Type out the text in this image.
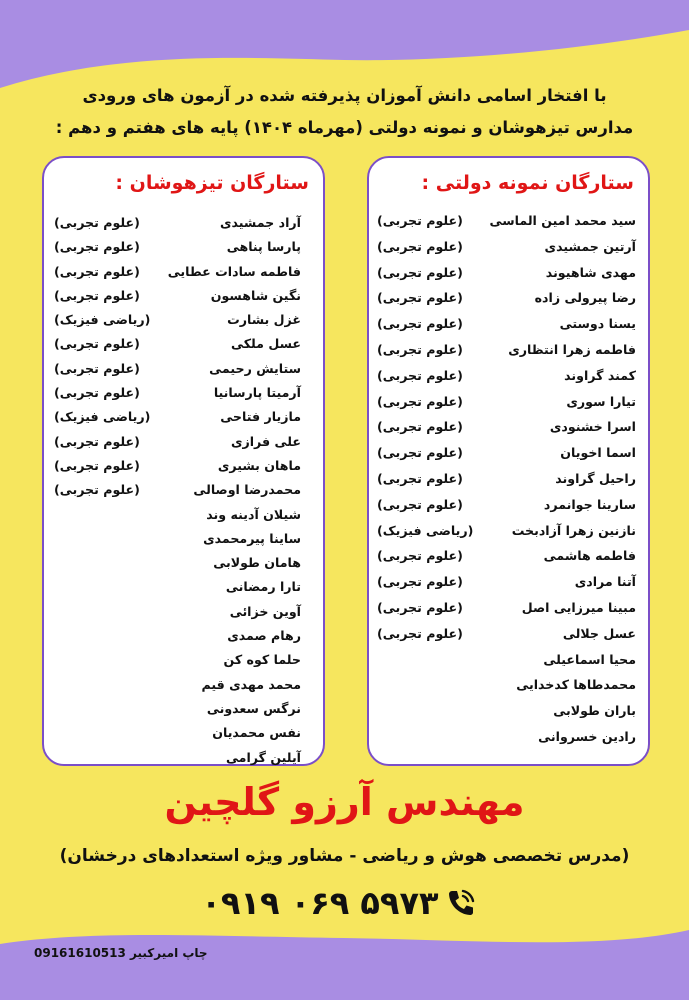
با افتخار اسامی دانش آموزان پذیرفته شده در آزمون های ورودی
مدارس تیزهوشان و نمونه دولتی (مهرماه ۱۴۰۴) پایه های هفتم و دهم :
ستارگان نمونه دولتی :
سید محمد امین الماسی
(علوم تجربی)
آرتین جمشیدی
(علوم تجربی)
مهدی شاهیوند
(علوم تجربی)
رضا پیرولی زاده
(علوم تجربی)
یسنا دوستی
(علوم تجربی)
فاطمه زهرا انتظاری
(علوم تجربی)
کمند گراوند
(علوم تجربی)
تیارا سوری
(علوم تجربی)
اسرا خشنودی
(علوم تجربی)
اسما اخویان
(علوم تجربی)
راحیل گراوند
(علوم تجربی)
سارینا جوانمرد
(علوم تجربی)
نازنین زهرا آزادبخت
(ریاضی فیزیک)
فاطمه هاشمی
(علوم تجربی)
آتنا مرادی
(علوم تجربی)
مبینا میرزایی اصل
(علوم تجربی)
عسل جلالی
(علوم تجربی)
محیا اسماعیلی
محمدطاها کدخدایی
باران طولابی
رادین خسروانی
ستارگان تیزهوشان :
آراد جمشیدی
(علوم تجربی)
پارسا پناهی
(علوم تجربی)
فاطمه سادات عطایی
(علوم تجربی)
نگین شاهسون
(علوم تجربی)
غزل بشارت
(ریاضی فیزیک)
عسل ملکی
(علوم تجربی)
ستایش رحیمی
(علوم تجربی)
آرمیتا پارسانیا
(علوم تجربی)
مازیار فتاحی
(ریاضی فیزیک)
علی فرازی
(علوم تجربی)
ماهان بشیری
(علوم تجربی)
محمدرضا اوصالی
(علوم تجربی)
شیلان آدینه وند
ساینا پیرمحمدی
هامان طولابی
تارا رمضانی
آوین خزائی
رهام صمدی
حلما کوه کن
محمد مهدی قیم
نرگس سعدونی
نفس محمدیان
آیلین گرامی
مهندس آرزو گلچین
(مدرس تخصصی هوش و ریاضی - مشاور ویژه استعدادهای درخشان)
۰۹۱۹ ۰۶۹ ۵۹۷۳
چاپ امیرکبیر 09161610513
